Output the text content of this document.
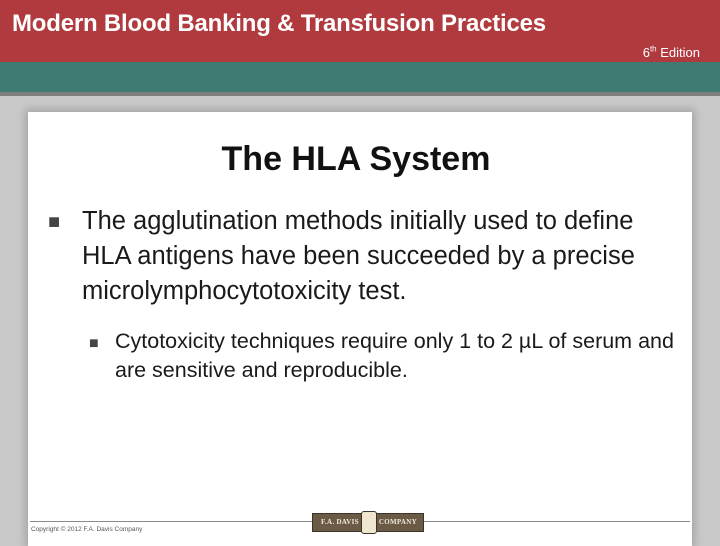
Modern Blood Banking & Transfusion Practices
6th Edition
The HLA System
■ The agglutination methods initially used to define HLA antigens have been succeeded by a precise microlymphocytotoxicity test.
■ Cytotoxicity techniques require only 1 to 2 µL of serum and are sensitive and reproducible.
Copyright © 2012 F.A. Davis Company
F.A. DAVIS	COMPANY
